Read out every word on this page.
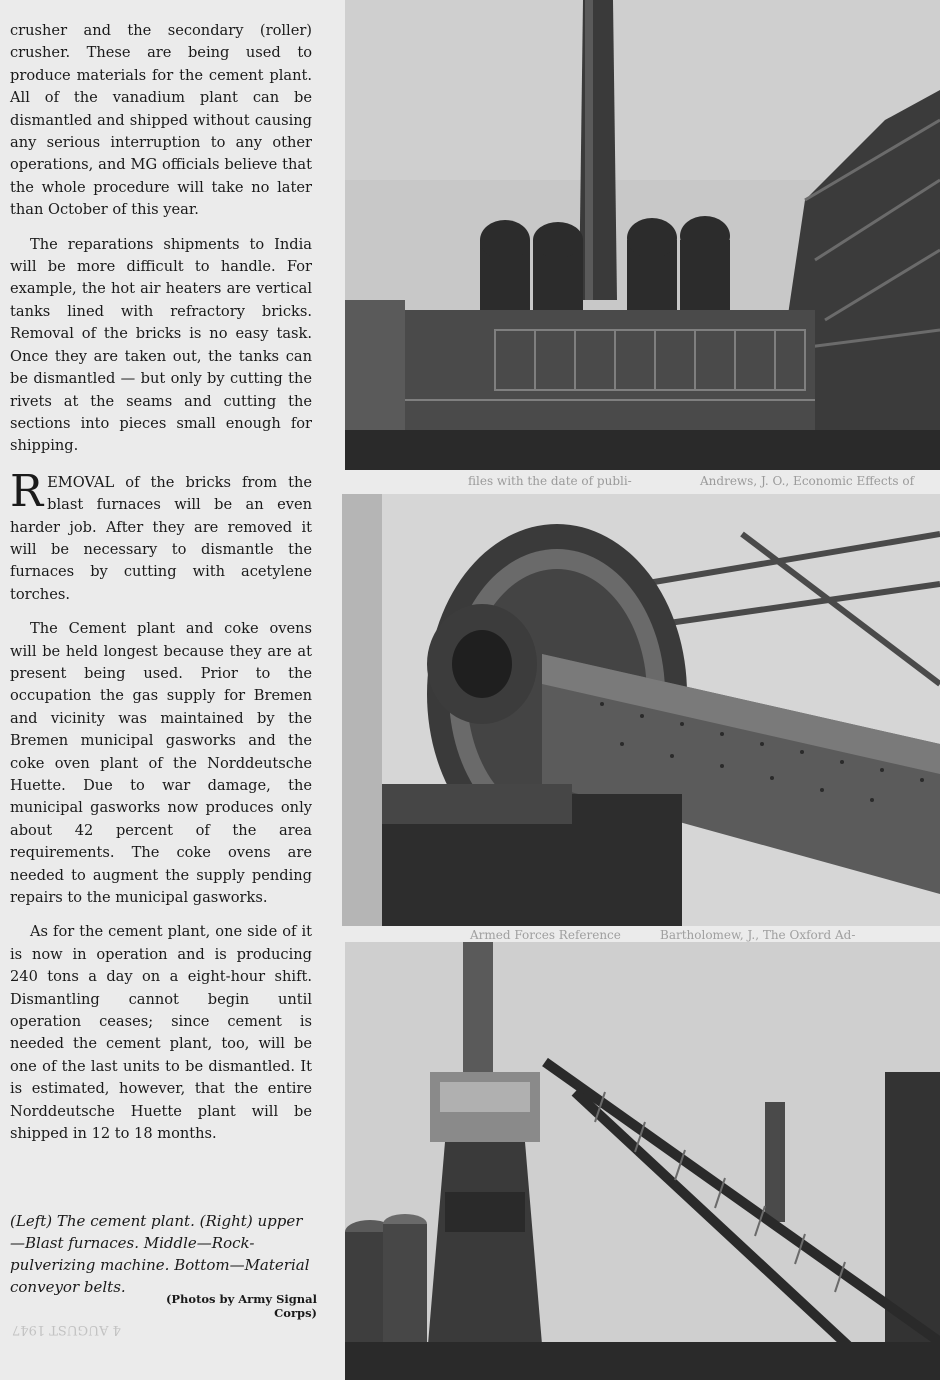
files with the date of publi-	Andrews, J. O., Economic Effects of
Bartholomew, J., The Oxford Ad-
Armed Forces Reference
4 AUGUST 1947

crusher and the secondary (roller) crusher. These are being used to produce materials for the cement plant. All of the vanadium plant can be dismantled and shipped without causing any serious interruption to any other operations, and MG officials believe that the whole procedure will take no later than October of this year.

The reparations shipments to India will be more difficult to handle. For example, the hot air heaters are vertical tanks lined with refractory bricks. Removal of the bricks is no easy task. Once they are taken out, the tanks can be dismantled — but only by cutting the rivets at the seams and cutting the sections into pieces small enough for shipping.

REMOVAL of the bricks from the blast furnaces will be an even harder job. After they are removed it will be necessary to dismantle the furnaces by cutting with acetylene torches.

The Cement plant and coke ovens will be held longest because they are at present being used. Prior to the occupation the gas supply for Bremen and vicinity was maintained by the Bremen municipal gasworks and the coke oven plant of the Norddeutsche Huette. Due to war damage, the municipal gasworks now produces only about 42 percent of the area requirements. The coke ovens are needed to augment the supply pending repairs to the municipal gasworks.

As for the cement plant, one side of it is now in operation and is producing 240 tons a day on a eight-hour shift. Dismantling cannot begin until operation ceases; since cement is needed the cement plant, too, will be one of the last units to be dismantled. It is estimated, however, that the entire Norddeutsche Huette plant will be shipped in 12 to 18 months.

(Left) The cement plant. (Right) upper —Blast furnaces. Middle—Rock-pulverizing machine. Bottom—Material conveyor belts.
(Photos by Army Signal Corps)
